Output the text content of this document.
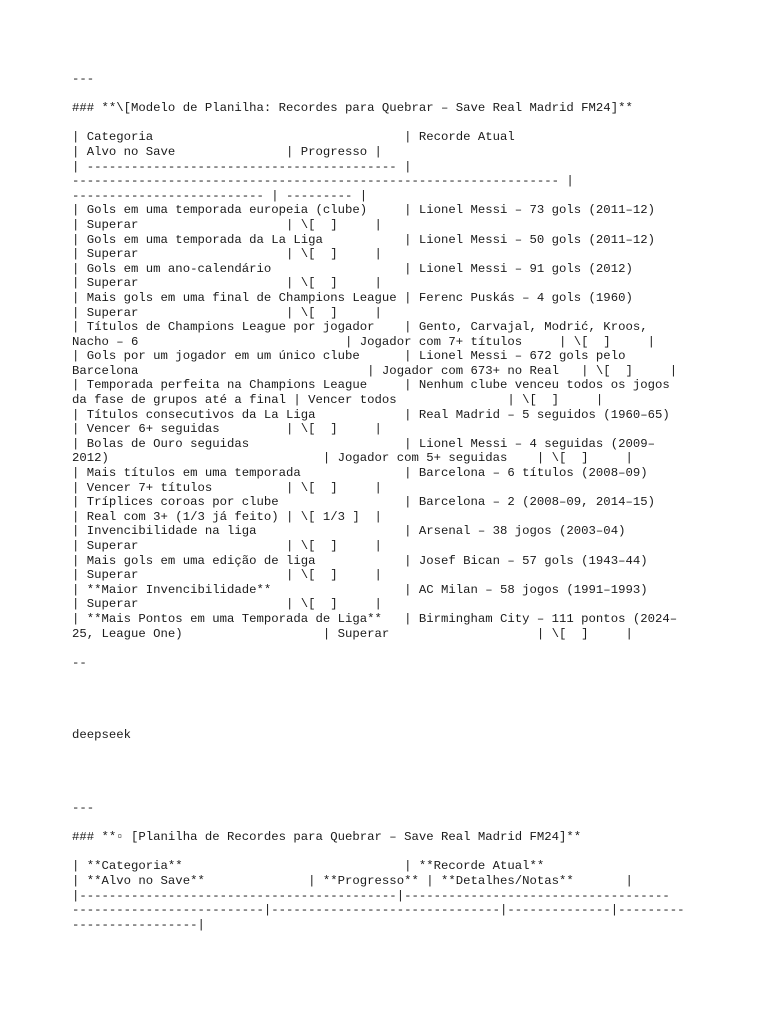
---
### **\[Modelo de Planilha: Recordes para Quebrar – Save Real Madrid FM24]**
| Categoria                                  | Recorde Atual
| Alvo no Save               | Progresso |
| ------------------------------------------ |
------------------------------------------------------------------ |
-------------------------- | --------- |
| Gols em uma temporada europeia (clube)     | Lionel Messi – 73 gols (2011–12)
| Superar                    | \[  ]     |
| Gols em uma temporada da La Liga           | Lionel Messi – 50 gols (2011–12)
| Superar                    | \[  ]     |
| Gols em um ano-calendário                  | Lionel Messi – 91 gols (2012)
| Superar                    | \[  ]     |
| Mais gols em uma final de Champions League | Ferenc Puskás – 4 gols (1960)
| Superar                    | \[  ]     |
| Títulos de Champions League por jogador    | Gento, Carvajal, Modrić, Kroos,
Nacho – 6                            | Jogador com 7+ títulos     | \[  ]     |
| Gols por um jogador em um único clube      | Lionel Messi – 672 gols pelo
Barcelona                               | Jogador com 673+ no Real   | \[  ]     |
| Temporada perfeita na Champions League     | Nenhum clube venceu todos os jogos
da fase de grupos até a final | Vencer todos               | \[  ]     |
| Títulos consecutivos da La Liga            | Real Madrid – 5 seguidos (1960–65)
| Vencer 6+ seguidas         | \[  ]     |
| Bolas de Ouro seguidas                     | Lionel Messi – 4 seguidas (2009–
2012)                             | Jogador com 5+ seguidas    | \[  ]     |
| Mais títulos em uma temporada              | Barcelona – 6 títulos (2008–09)
| Vencer 7+ títulos          | \[  ]     |
| Tríplices coroas por clube                 | Barcelona – 2 (2008–09, 2014–15)
| Real com 3+ (1/3 já feito) | \[ 1/3 ]  |
| Invencibilidade na liga                    | Arsenal – 38 jogos (2003–04)
| Superar                    | \[  ]     |
| Mais gols em uma edição de liga            | Josef Bican – 57 gols (1943–44)
| Superar                    | \[  ]     |
| **Maior Invencibilidade**                  | AC Milan – 58 jogos (1991–1993)
| Superar                    | \[  ]     |
| **Mais Pontos em uma Temporada de Liga**   | Birmingham City – 111 pontos (2024–
25, League One)                   | Superar                    | \[  ]     |
--
deepseek
---
### **▫ [Planilha de Recordes para Quebrar – Save Real Madrid FM24]**
| **Categoria**                              | **Recorde Atual**
| **Alvo no Save**              | **Progresso** | **Detalhes/Notas**       |
|-------------------------------------------|------------------------------------
--------------------------|-------------------------------|--------------|---------
-----------------|
